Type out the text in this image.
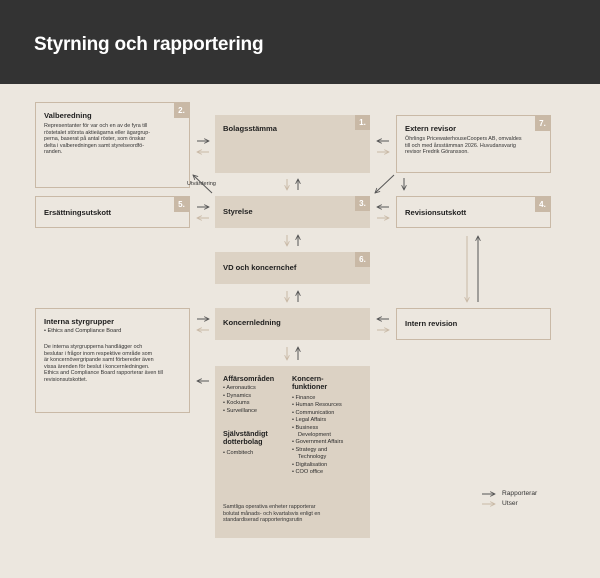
Styrning och rapportering
Valberedning
Representanter för var och en av de fyra till
röstetalet största aktieägarna eller ägargrup-
perna, baserat på antal röster, som önskar
delta i valberedningen samt styrelseordfö-
randen.
2.
Bolagsstämma
1.
Extern revisor
Öhrlings PricewaterhouseCoopers AB, omvaldes
till och med årsstämman 2026. Huvudansvarig
revisor Fredrik Göransson.
7.
Ersättningsutskott
5.
Styrelse
3.
Revisionsutskott
4.
VD och koncernchef
6.
Interna styrgrupper
• Ethics and Compliance Board
De interna styrgrupperna handlägger och
beslutar i frågor inom respektive område som
är koncernövergripande samt förbereder även
vissa ärenden för beslut i koncernledningen.
Ethics and Compliance Board rapporterar även till
revisionsutskottet.
Koncernledning	Intern revision
Affärsområden
• Aeronautics
• Dynamics
• Kockums
• Surveillance
Självständigt
dotterbolag
• Combitech
Koncern-
funktioner
• Finance
• Human Resources
• Communication
• Legal Affairs
• Business
Development
• Government Affairs
• Strategy and
Technology
• Digitalisation
• COO office
Samtliga operativa enheter rapporterar
bolutat månads- och kvartalsvis enligt en
standardiserad rapporteringsrutin
Utvärdering
Rapporterar
Utser
